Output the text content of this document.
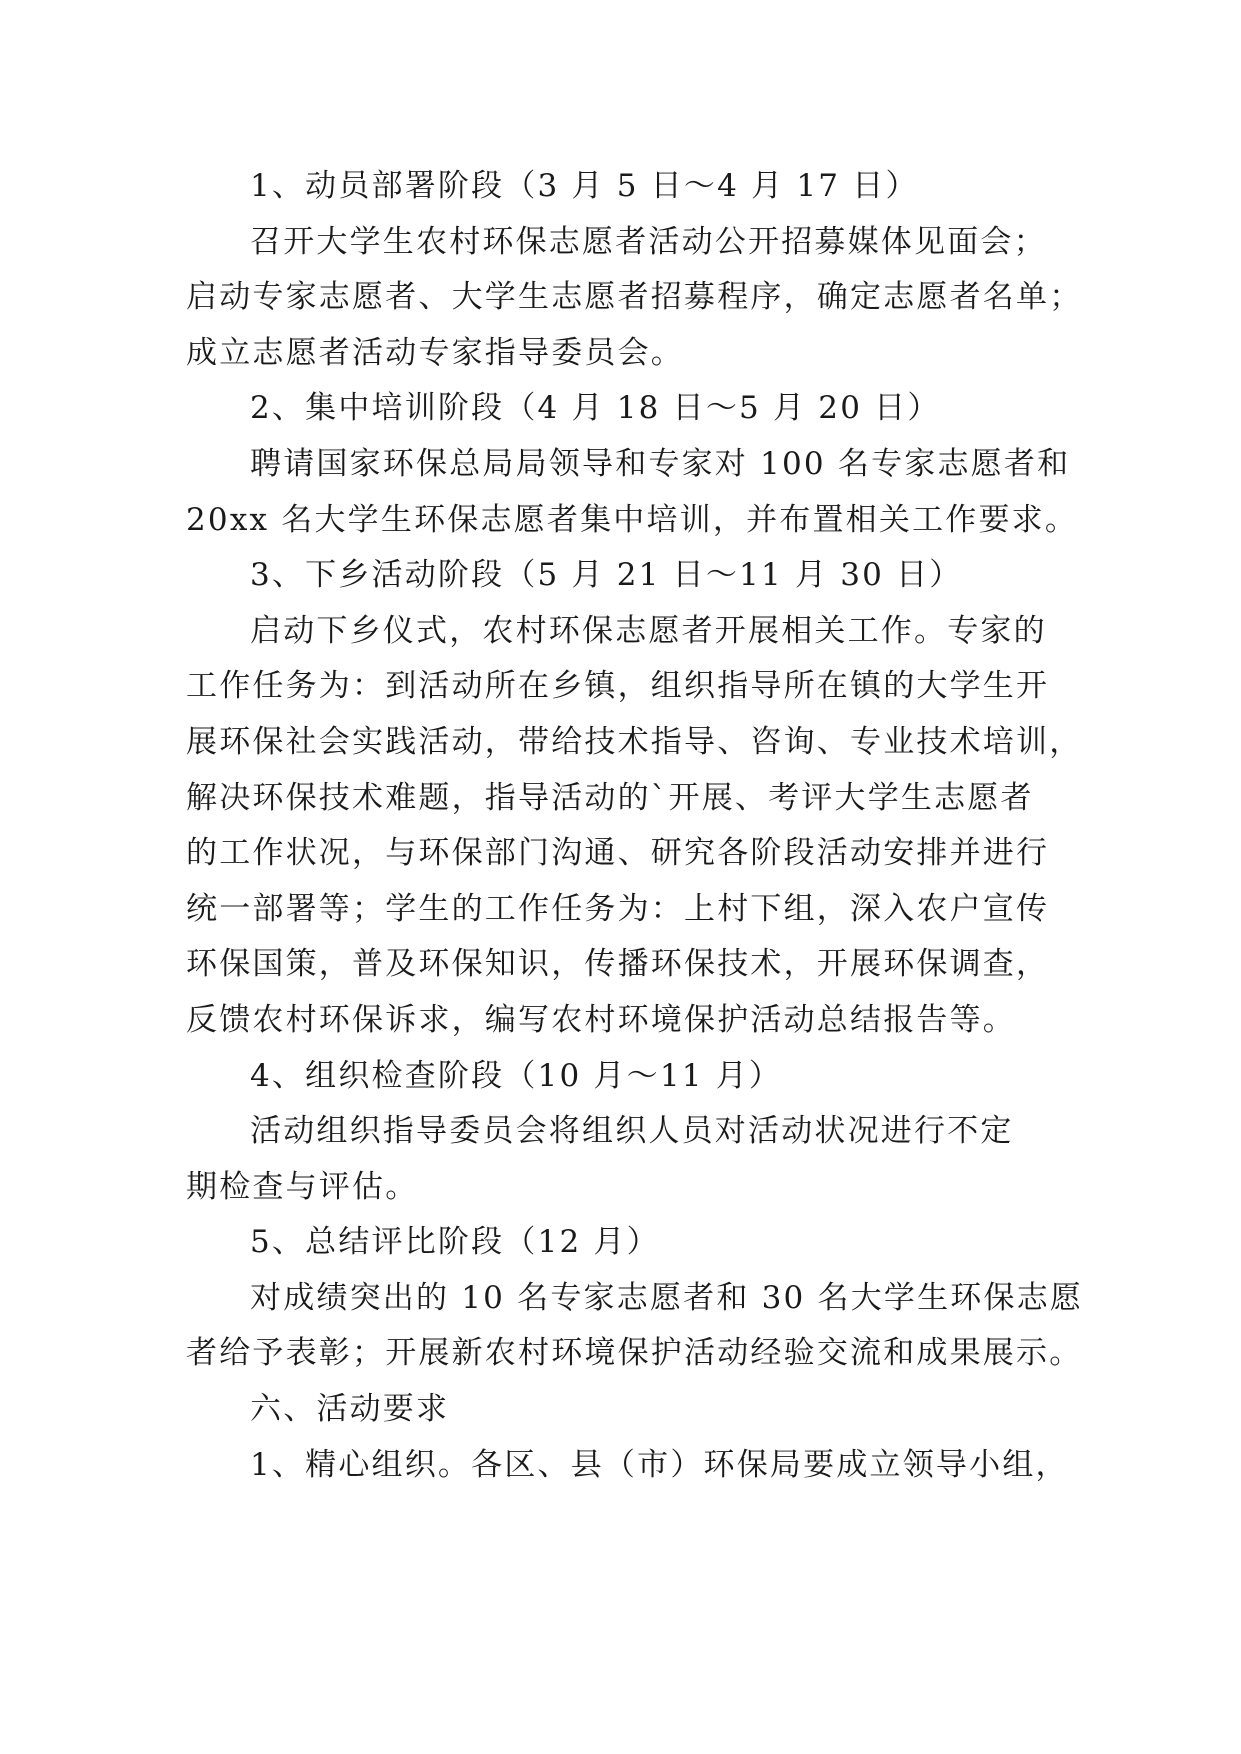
1、动员部署阶段（3 月 5 日～4 月 17 日）
召开大学生农村环保志愿者活动公开招募媒体见面会；
启动专家志愿者、大学生志愿者招募程序，确定志愿者名单；
成立志愿者活动专家指导委员会。
2、集中培训阶段（4 月 18 日～5 月 20 日）
聘请国家环保总局局领导和专家对 100 名专家志愿者和
20xx 名大学生环保志愿者集中培训，并布置相关工作要求。
3、下乡活动阶段（5 月 21 日～11 月 30 日）
启动下乡仪式，农村环保志愿者开展相关工作。专家的
工作任务为：到活动所在乡镇，组织指导所在镇的大学生开
展环保社会实践活动，带给技术指导、咨询、专业技术培训，
解决环保技术难题，指导活动的`开展、考评大学生志愿者
的工作状况，与环保部门沟通、研究各阶段活动安排并进行
统一部署等；学生的工作任务为：上村下组，深入农户宣传
环保国策，普及环保知识，传播环保技术，开展环保调查，
反馈农村环保诉求，编写农村环境保护活动总结报告等。
4、组织检查阶段（10 月～11 月）
活动组织指导委员会将组织人员对活动状况进行不定
期检查与评估。
5、总结评比阶段（12 月）
对成绩突出的 10 名专家志愿者和 30 名大学生环保志愿
者给予表彰；开展新农村环境保护活动经验交流和成果展示。
六、活动要求
1、精心组织。各区、县（市）环保局要成立领导小组，
